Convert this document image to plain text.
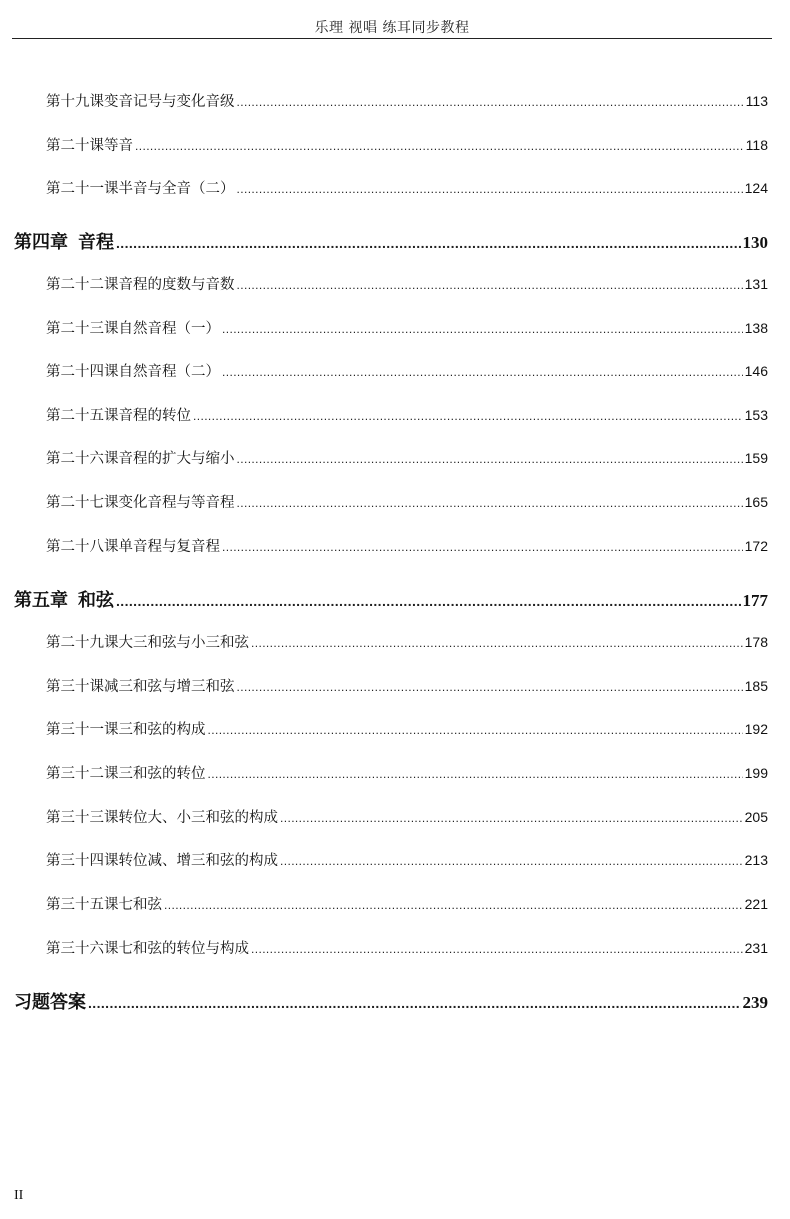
乐理 视唱 练耳同步教程
第十九课 变音记号与变化音级 .....	113
第二十课 等音 .....	118
第二十一课 半音与全音（二） .....	124
第四章 音程 .....	130
第二十二课 音程的度数与音数 .....	131
第二十三课 自然音程（一） .....	138
第二十四课 自然音程（二） .....	146
第二十五课 音程的转位 .....	153
第二十六课 音程的扩大与缩小 .....	159
第二十七课 变化音程与等音程 .....	165
第二十八课 单音程与复音程 .....	172
第五章 和弦 .....	177
第二十九课 大三和弦与小三和弦 .....	178
第三十课 减三和弦与增三和弦 .....	185
第三十一课 三和弦的构成 .....	192
第三十二课 三和弦的转位 .....	199
第三十三课 转位大、小三和弦的构成 .....	205
第三十四课 转位减、增三和弦的构成 .....	213
第三十五课 七和弦 .....	221
第三十六课 七和弦的转位与构成 .....	231
习题答案 .....	239
II
